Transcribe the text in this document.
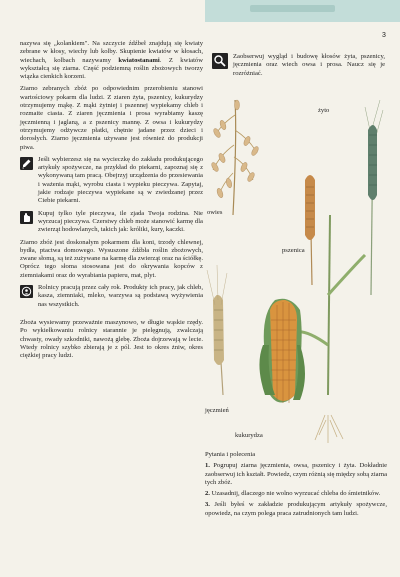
3

nazywa się „kolankiem". Na szczycie źdźbeł znajdują się kwiaty zebrane w kłosy, wiechy lub kolby. Skupienie kwiatów w kłosach, wiechach, kolbach nazywamy kwiatostanami. Z kwiatów wykształcą się ziarna. Część podziemną roślin zbożowych tworzy wiązka cienkich korzeni.

Ziarno zebranych zbóż po odpowiednim przerobieniu stanowi wartościowy pokarm dla ludzi. Z ziaren żyta, pszenicy, kukurydzy otrzymujemy mąkę. Z mąki żytniej i pszennej wypiekamy chleb i rozmaite ciasta. Z ziaren jęczmienia i prosa wyrabiamy kaszę jęczmienną i jaglaną, a z pszenicy mannę. Z owsa i kukurydzy otrzymujemy odżywcze płatki, chętnie jadane przez dzieci i dorosłych. Ziarno jęczmienia używane jest również do produkcji piwa.

Jeśli wybierzesz się na wycieczkę do zakładu produkującego artykuły spożywcze, na przykład do piekarni, zapoznaj się z wykonywaną tam pracą. Obejrzyj urządzenia do przesiewania i ważenia mąki, wyrobu ciasta i wypieku pieczywa. Zapytaj, jakie rodzaje pieczywa wypiekane są w zwiedzanej przez Ciebie piekarni.

Kupuj tylko tyle pieczywa, ile zjada Twoja rodzina. Nie wyrzucaj pieczywa. Czerstwy chleb może stanowić karmę dla zwierząt hodowlanych, takich jak: króliki, kury, kaczki.

Ziarno zbóż jest doskonałym pokarmem dla koni, trzody chlewnej, bydła, ptactwa domowego. Wysuszone źdźbła roślin zbożowych, zwane słomą, są też zużywane na karmę dla zwierząt oraz na ściółkę. Oprócz tego słoma stosowana jest do okrywania kopców z ziemniakami oraz do wyrabiania papieru, mat, plyt.

Rolnicy pracują przez cały rok. Produkty ich pracy, jak chleb, kasza, ziemniaki, mleko, warzywa są podstawą wyżywienia nas wszystkich.

Zboża wysiewamy przeważnie maszynowo, w długie wąskie rzędy. Po wykiełkowaniu rolnicy starannie je pielęgnują, zwalczają chwasty, owady szkodniki, nawożą glebę. Zboża dojrzewają w lecie. Wtedy rolnicy szybko zbierają je z pól. Jest to okres żniw, okres ciężkiej pracy ludzi.

Zaobserwuj wygląd i budowę kłosów żyta, pszenicy, jęczmienia oraz wiech owsa i prosa. Naucz się je rozróżniać.
żyto
owies
pszenica
jęczmień
kukurydza
Pytania i polecenia
1. Pogrupuj ziarna jęczmienia, owsa, pszenicy i żyta. Dokładnie zaobserwuj ich kształt. Powiedz, czym różnią się między sobą ziarna tych zbóż.
2. Uzasadnij, dlaczego nie wolno wyrzucać chleba do śmietników.
3. Jeśli byłeś w zakładzie produkującym artykuły spożywcze, opowiedz, na czym polega praca zatrudnionych tam ludzi.
